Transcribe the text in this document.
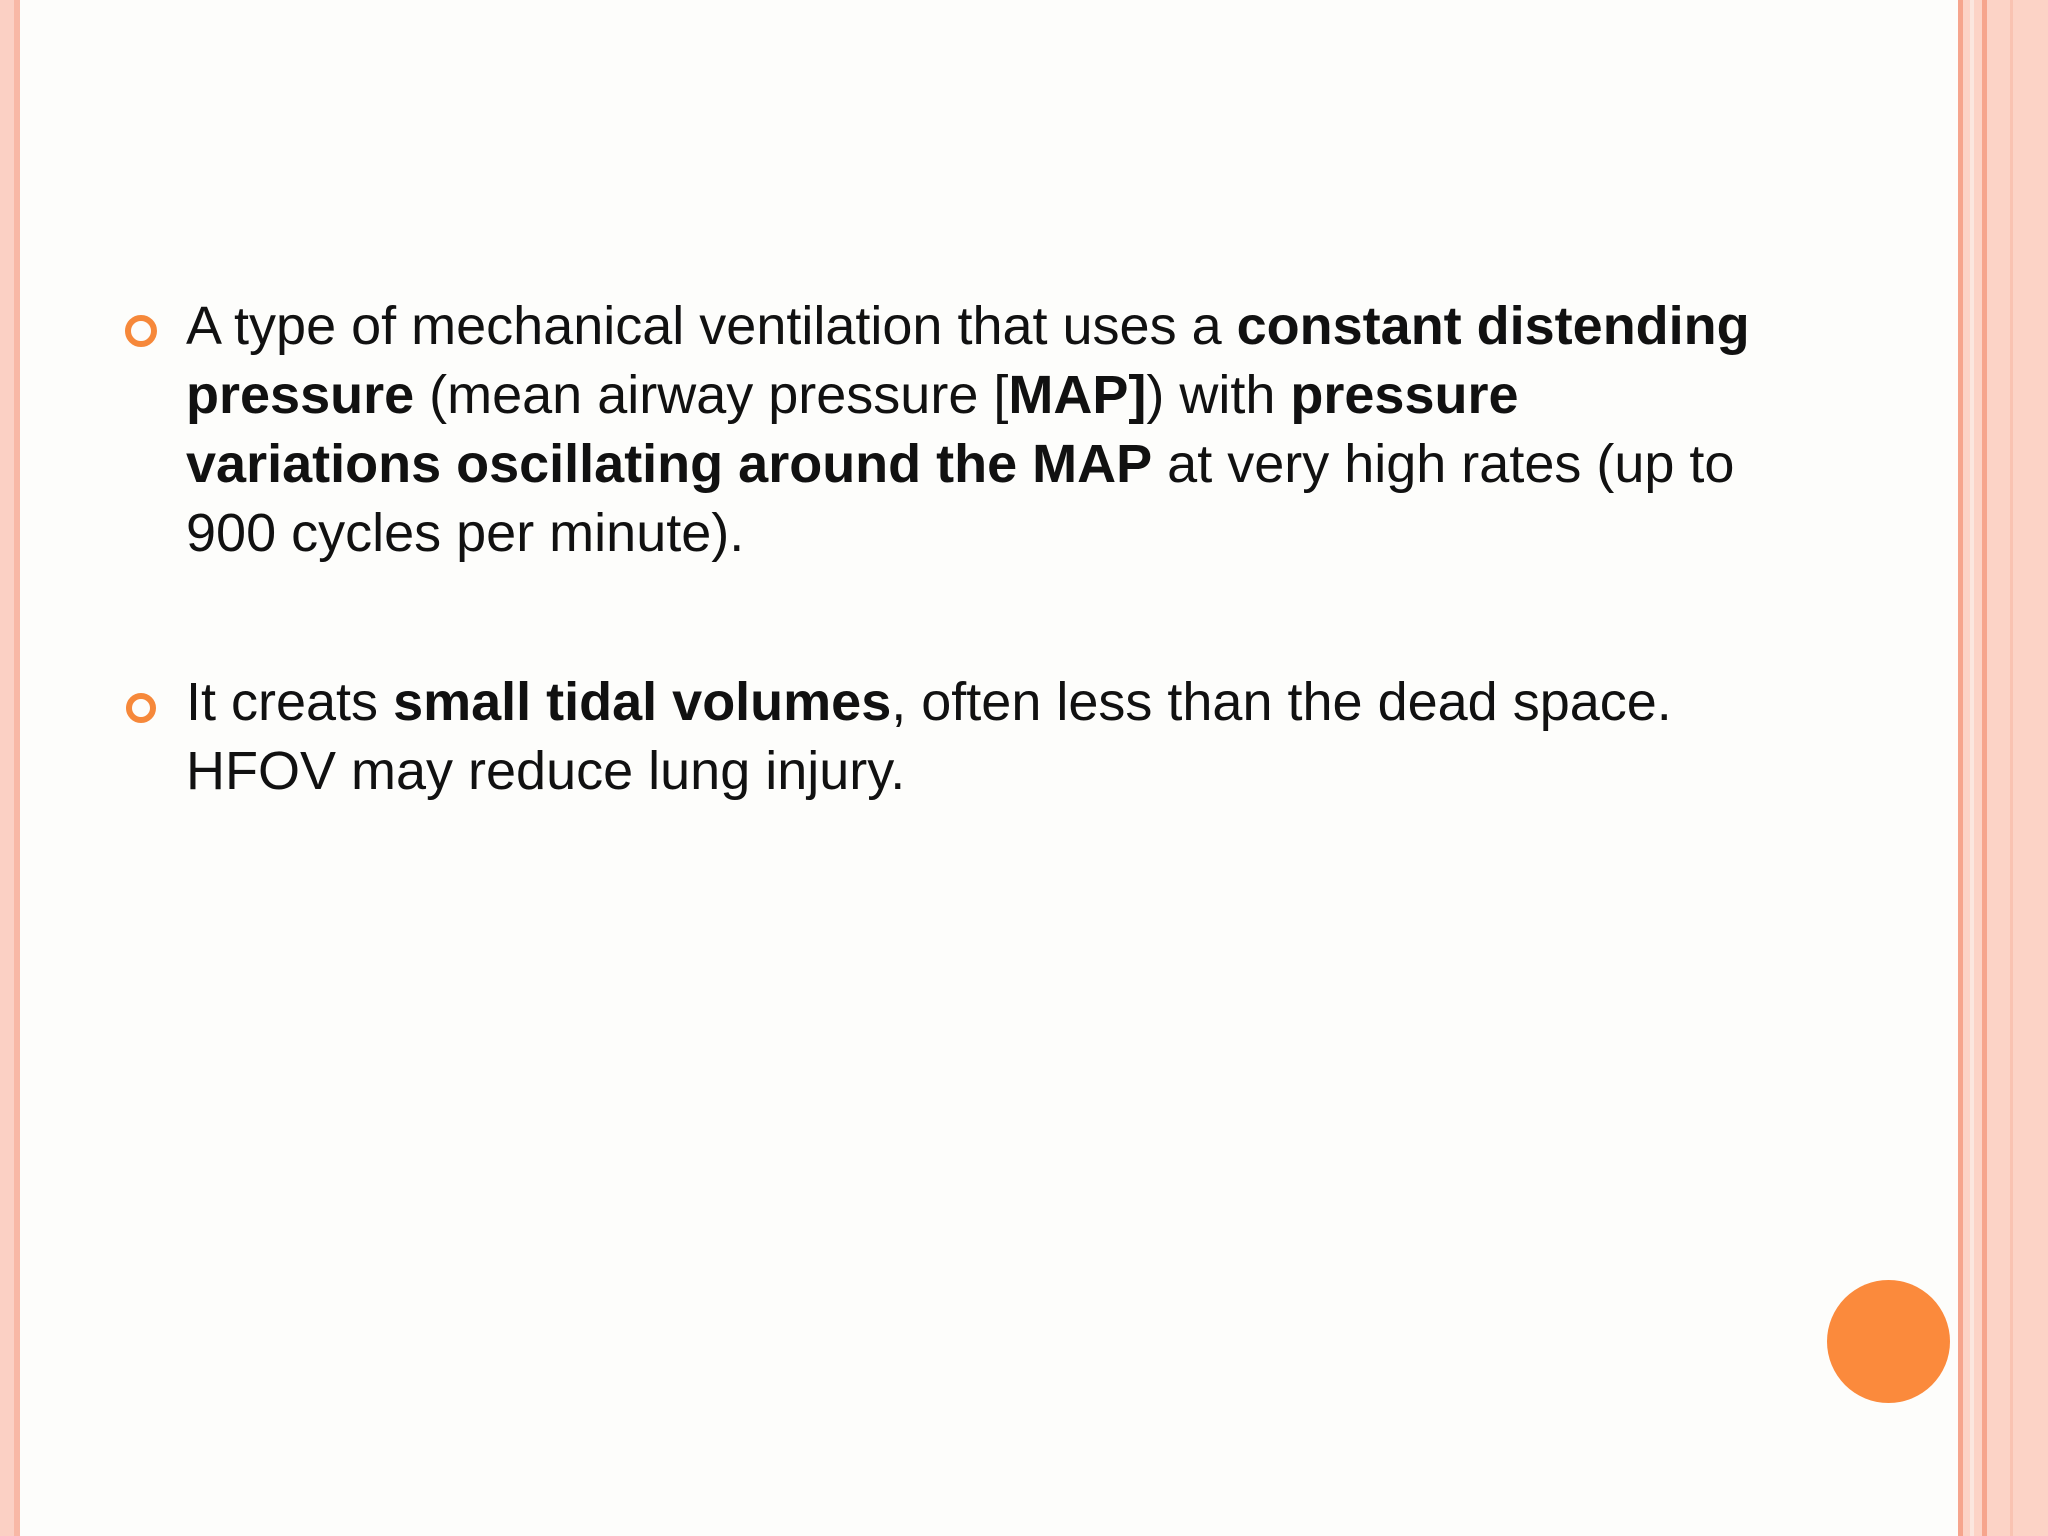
A type of mechanical ventilation that uses a constant distending pressure (mean airway pressure [MAP]) with pressure variations oscillating around the MAP at very high rates (up to 900 cycles per minute).
It creats small tidal volumes, often less than the dead space. HFOV may reduce lung injury.
